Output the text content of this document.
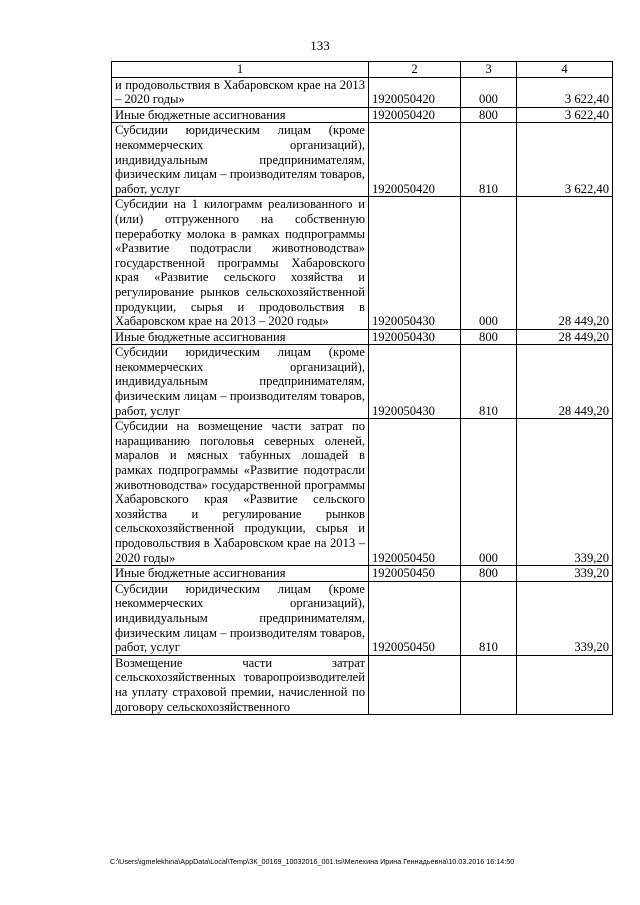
133
1	2	3	4
и продовольствия в Хабаровском крае на 2013 – 2020 годы»	1920050420	000	3 622,40
Иные бюджетные ассигнования	1920050420	800	3 622,40
Субсидии юридическим лицам (кроме некоммерческих организаций), индивидуальным предпринимателям, физическим лицам – производителям товаров, работ, услуг	1920050420	810	3 622,40
Субсидии на 1 килограмм реализованного и (или) отгруженного на собственную переработку молока в рамках подпрограммы «Развитие подотрасли животноводства» государственной программы Хабаровского края «Развитие сельского хозяйства и регулирование рынков сельскохозяйственной продукции, сырья и продовольствия в Хабаровском крае на 2013 – 2020 годы»	1920050430	000	28 449,20
Иные бюджетные ассигнования	1920050430	800	28 449,20
Субсидии юридическим лицам (кроме некоммерческих организаций), индивидуальным предпринимателям, физическим лицам – производителям товаров, работ, услуг	1920050430	810	28 449,20
Субсидии на возмещение части затрат по наращиванию поголовья северных оленей, маралов и мясных табунных лошадей в рамках подпрограммы «Развитие подотрасли животноводства» государственной программы Хабаровского края «Развитие сельского хозяйства и регулирование рынков сельскохозяйственной продукции, сырья и продовольствия в Хабаровском крае на 2013 – 2020 годы»	1920050450	000	339,20
Иные бюджетные ассигнования	1920050450	800	339,20
Субсидии юридическим лицам (кроме некоммерческих организаций), индивидуальным предпринимателям, физическим лицам – производителям товаров, работ, услуг	1920050450	810	339,20
Возмещение части затрат сельскохозяйственных товаропроизводителей на уплату страховой премии, начисленной по договору сельскохозяйственного			
C:\Users\igmelekhina\AppData\Local\Temp\ЗК_00169_10032016_001.tsi\Мелехина Ирина Геннадьевна\10.03.2016 16:14:50
